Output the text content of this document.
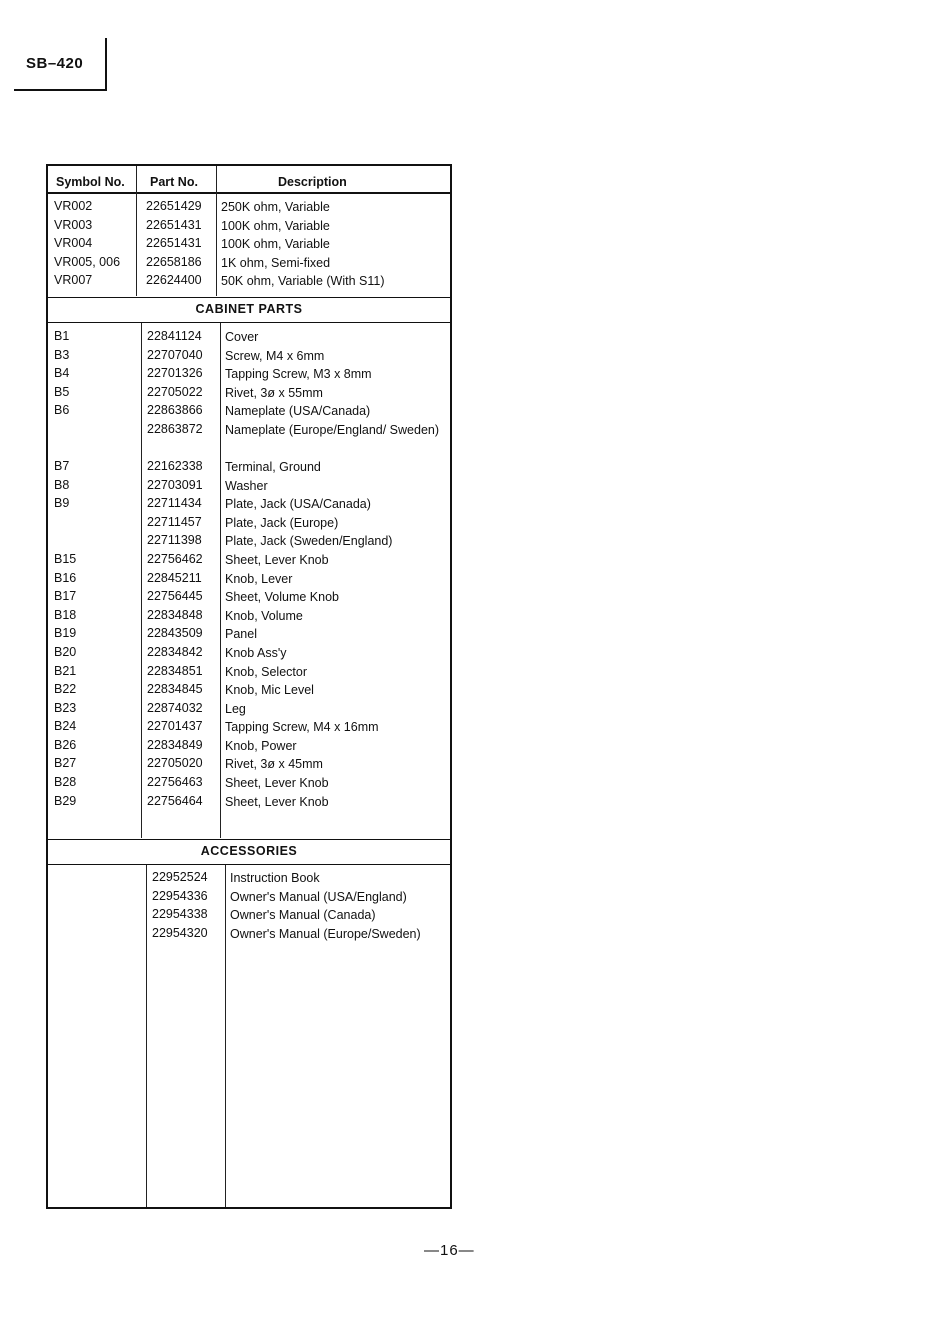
SB–420
Symbol No. Part No.	Description
VR002	22651429 250K ohm, Variable
VR003	22651431 100K ohm, Variable
VR004	22651431 100K ohm, Variable
VR005, 006 22658186 1K ohm, Semi-fixed
VR007	22624400 50K ohm, Variable (With S11)
CABINET PARTS
B1	22841124 Cover
B3	22707040 Screw, M4 x 6mm
B4	22701326 Tapping Screw, M3 x 8mm
B5	22705022 Rivet, 3ø x 55mm
B6	22863866 Nameplate (USA/Canada)
22863872 Nameplate (Europe/England/ Sweden)
B7	22162338 Terminal, Ground
B8	22703091 Washer
B9	22711434 Plate, Jack (USA/Canada)
22711457 Plate, Jack (Europe)
22711398 Plate, Jack (Sweden/England)
B15	22756462 Sheet, Lever Knob
B16	22845211 Knob, Lever
B17	22756445 Sheet, Volume Knob
B18	22834848 Knob, Volume
B19	22843509 Panel
B20	22834842 Knob Ass'y
B21	22834851 Knob, Selector
B22	22834845 Knob, Mic Level
B23	22874032 Leg
B24	22701437 Tapping Screw, M4 x 16mm
B26	22834849 Knob, Power
B27	22705020 Rivet, 3ø x 45mm
B28	22756463 Sheet, Lever Knob
B29	22756464 Sheet, Lever Knob
ACCESSORIES
22952524 Instruction Book
22954336 Owner's Manual (USA/England)
22954338 Owner's Manual (Canada)
22954320 Owner's Manual (Europe/Sweden)
—16—
